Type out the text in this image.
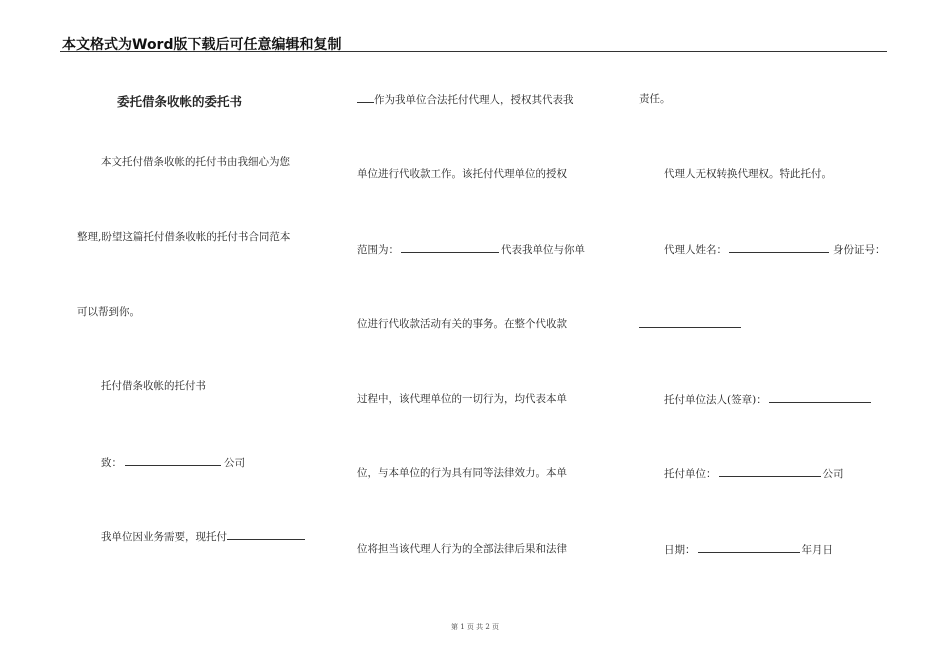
本文格式为Word版下载后可任意编辑和复制
委托借条收帐的委托书
本文托付借条收帐的托付书由我细心为您
整理,盼望这篇托付借条收帐的托付书合同范本
可以帮到你。
托付借条收帐的托付书
致：	公司
我单位因业务需要，现托付
作为我单位合法托付代理人，授权其代表我
单位进行代收款工作。该托付代理单位的授权
范围为：	代表我单位与你单
位进行代收款活动有关的事务。在整个代收款
过程中，该代理单位的一切行为，均代表本单
位，与本单位的行为具有同等法律效力。本单
位将担当该代理人行为的全部法律后果和法律
责任。
代理人无权转换代理权。特此托付。
代理人姓名：	身份证号：
托付单位法人(签章)：
托付单位：	公司
日期：	年月日
第 1 页 共 2 页
